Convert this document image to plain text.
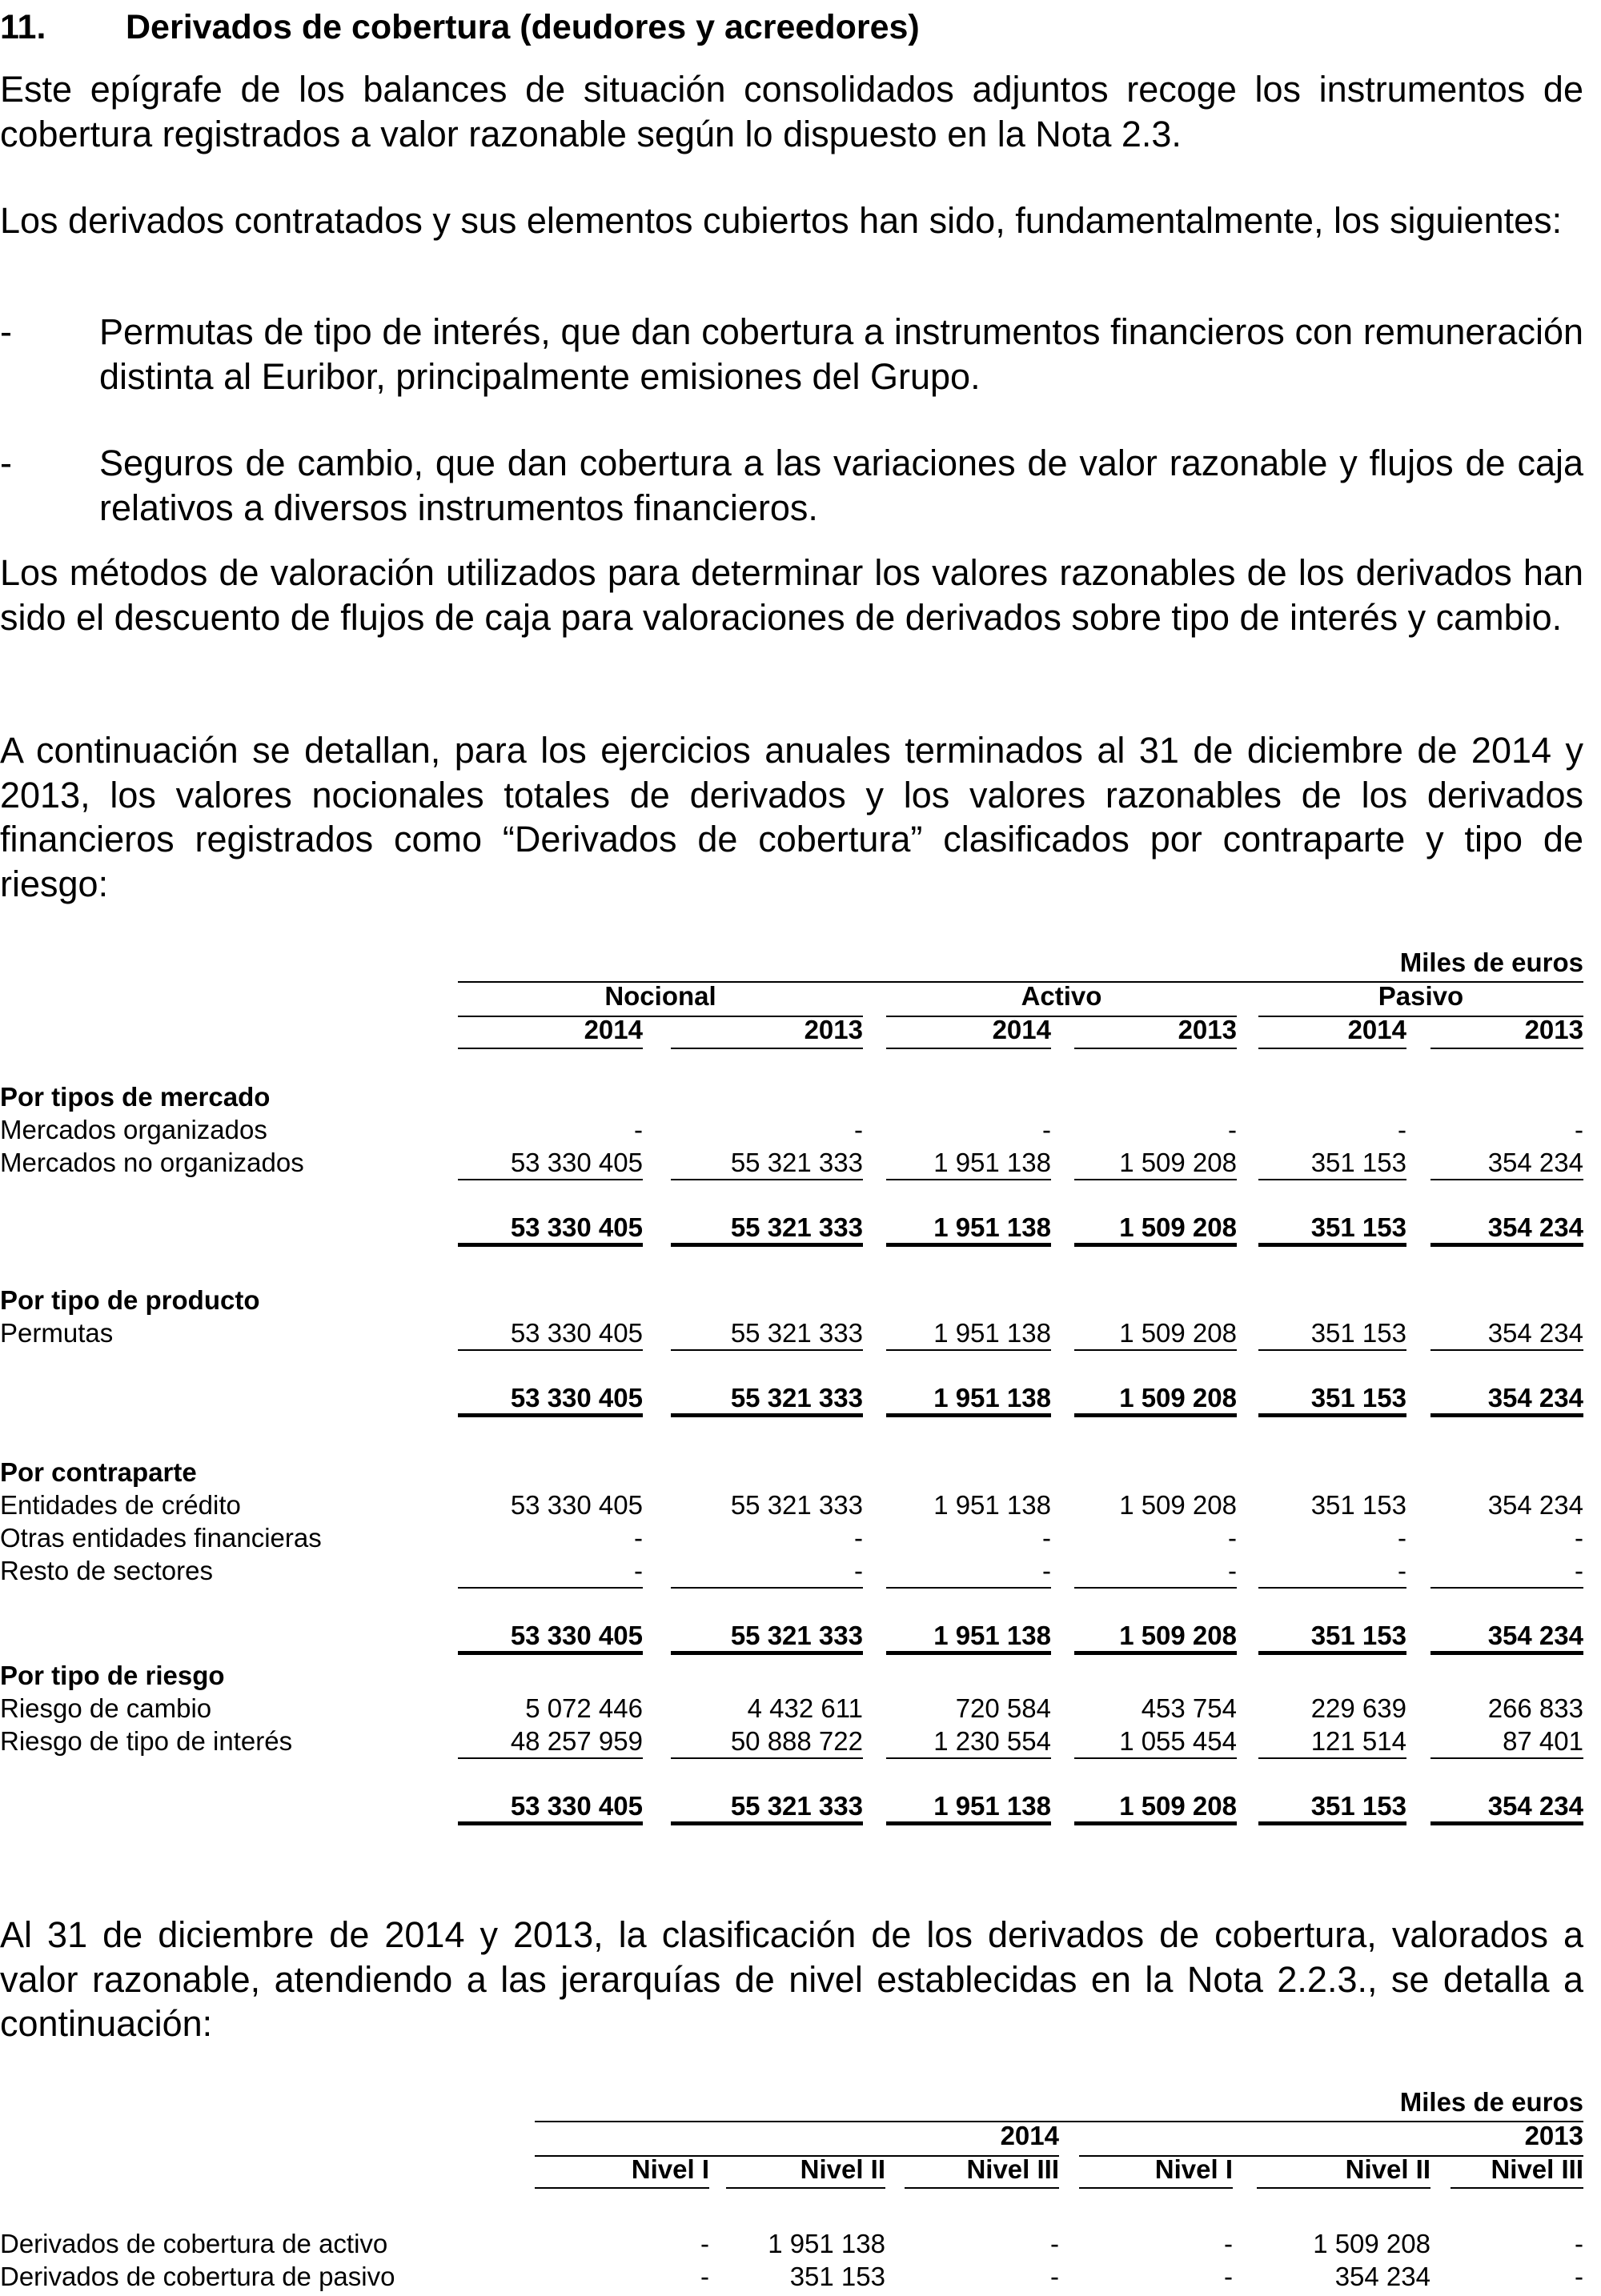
11. Derivados de cobertura (deudores y acreedores)

Este epígrafe de los balances de situación consolidados adjuntos recoge los instrumentos de cobertura registrados a valor razonable según lo dispuesto en la Nota 2.3.

Los derivados contratados y sus elementos cubiertos han sido, fundamentalmente, los siguientes:

- Permutas de tipo de interés, que dan cobertura a instrumentos financieros con remuneración distinta al Euribor, principalmente emisiones del Grupo.
- Seguros de cambio, que dan cobertura a las variaciones de valor razonable y flujos de caja relativos a diversos instrumentos financieros.

Los métodos de valoración utilizados para determinar los valores razonables de los derivados han sido el descuento de flujos de caja para valoraciones de derivados sobre tipo de interés y cambio.

A continuación se detallan, para los ejercicios anuales terminados al 31 de diciembre de 2014 y 2013, los valores nocionales totales de derivados y los valores razonables de los derivados financieros registrados como “Derivados de cobertura” clasificados por contraparte y tipo de riesgo:

Miles de euros
Nocional	Activo	Pasivo
2014	2013	2014	2013	2014	2013
Por tipos de mercado
Mercados organizados	-	-	-	-	-	-
Mercados no organizados	53 330 405	55 321 333	1 951 138	1 509 208	351 153	354 234
53 330 405	55 321 333	1 951 138	1 509 208	351 153	354 234
Por tipo de producto
Permutas	53 330 405	55 321 333	1 951 138	1 509 208	351 153	354 234
53 330 405	55 321 333	1 951 138	1 509 208	351 153	354 234
Por contraparte
Entidades de crédito	53 330 405	55 321 333	1 951 138	1 509 208	351 153	354 234
Otras entidades financieras	-	-	-	-	-	-
Resto de sectores	-	-	-	-	-	-
53 330 405	55 321 333	1 951 138	1 509 208	351 153	354 234
Por tipo de riesgo
Riesgo de cambio	5 072 446	4 432 611	720 584	453 754	229 639	266 833
Riesgo de tipo de interés	48 257 959	50 888 722	1 230 554	1 055 454	121 514	87 401
53 330 405	55 321 333	1 951 138	1 509 208	351 153	354 234

Al 31 de diciembre de 2014 y 2013, la clasificación de los derivados de cobertura, valorados a valor razonable, atendiendo a las jerarquías de nivel establecidas en la Nota 2.2.3., se detalla a continuación:

Miles de euros
2014	2013
Nivel I	Nivel II	Nivel III	Nivel I	Nivel II	Nivel III
Derivados de cobertura de activo	-	1 951 138	-	-	1 509 208	-
Derivados de cobertura de pasivo	-	351 153	-	-	354 234	-
